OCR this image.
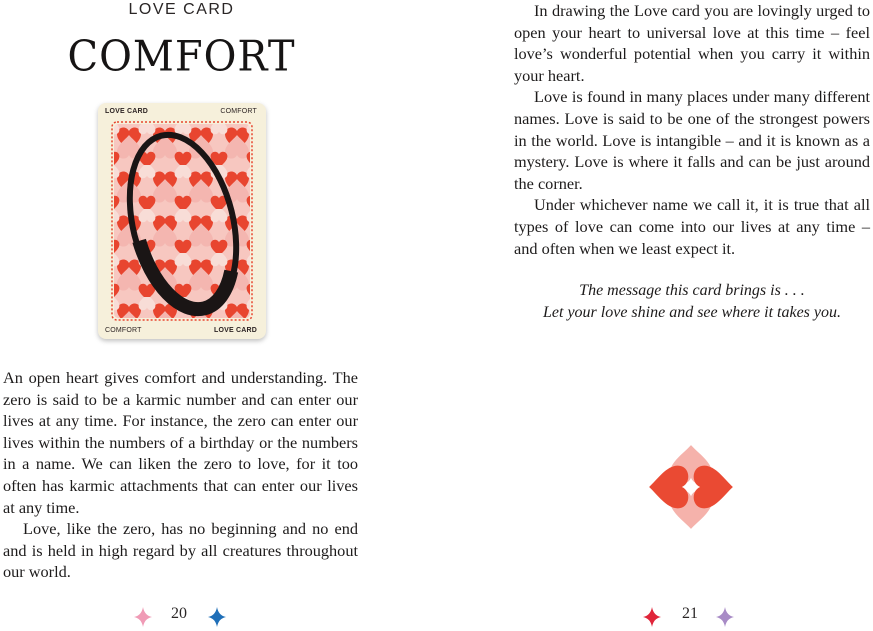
LOVE CARD
COMFORT
LOVE CARD	COMFORT
COMFORT	LOVE CARD

An open heart gives comfort and understanding. The zero is said to be a karmic number and can enter our lives at any time. For instance, the zero can enter our lives within the numbers of a birthday or the numbers in a name. We can liken the zero to love, for it too often has karmic attachments that can enter our lives at any time.

Love, like the zero, has no beginning and no end and is held in high regard by all creatures throughout our world.

20

In drawing the Love card you are lovingly urged to open your heart to universal love at this time – feel love’s wonderful potential when you carry it within your heart.

Love is found in many places under many different names. Love is said to be one of the strongest powers in the world. Love is intangible – and it is known as a mystery. Love is where it falls and can be just around the corner.

Under whichever name we call it, it is true that all types of love can come into our lives at any time – and often when we least expect it.

The message this card brings is . . .
Let your love shine and see where it takes you.
21
